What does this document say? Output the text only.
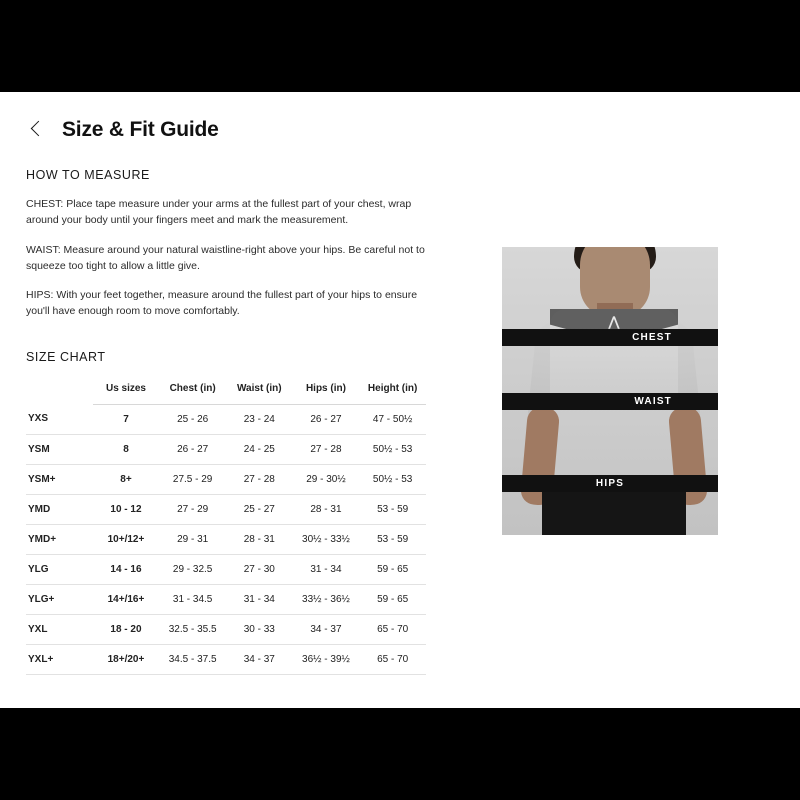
Size & Fit Guide
HOW TO MEASURE

CHEST: Place tape measure under your arms at the fullest part of your chest, wrap around your body until your fingers meet and mark the measurement.

WAIST: Measure around your natural waistline-right above your hips. Be careful not to squeeze too tight to allow a little give.

HIPS: With your feet together, measure around the fullest part of your hips to ensure you'll have enough room to move comfortably.

SIZE CHART
	Us sizes	Chest (in)	Waist (in)	Hips (in)	Height (in)
YXS	7	25 - 26	23 - 24	26 - 27	47 - 50½
YSM	8	26 - 27	24 - 25	27 - 28	50½ - 53
YSM+	8+	27.5 - 29	27 - 28	29 - 30½	50½ - 53
YMD	10 - 12	27 - 29	25 - 27	28 - 31	53 - 59
YMD+	10+/12+	29 - 31	28 - 31	30½ - 33½	53 - 59
YLG	14 - 16	29 - 32.5	27 - 30	31 - 34	59 - 65
YLG+	14+/16+	31 - 34.5	31 - 34	33½ - 36½	59 - 65
YXL	18 - 20	32.5 - 35.5	30 - 33	34 - 37	65 - 70
YXL+	18+/20+	34.5 - 37.5	34 - 37	36½ - 39½	65 - 70
⋀
CHEST
WAIST
HIPS
